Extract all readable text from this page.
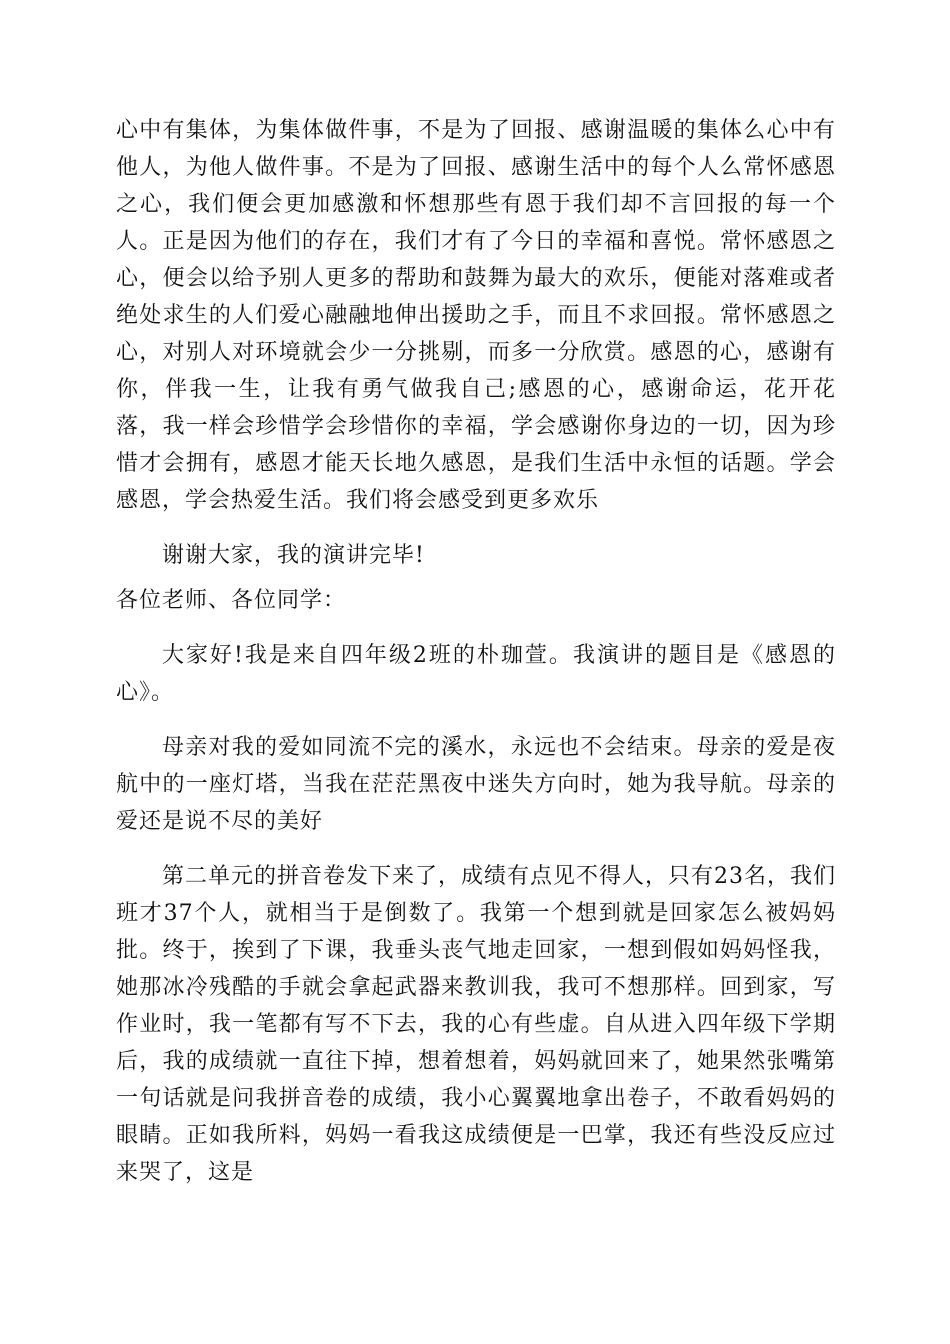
心中有集体，为集体做件事，不是为了回报、感谢温暖的集体么心中有他人，为他人做件事。不是为了回报、感谢生活中的每个人么常怀感恩之心，我们便会更加感激和怀想那些有恩于我们却不言回报的每一个人。正是因为他们的存在，我们才有了今日的幸福和喜悦。常怀感恩之心，便会以给予别人更多的帮助和鼓舞为最大的欢乐，便能对落难或者绝处求生的人们爱心融融地伸出援助之手，而且不求回报。常怀感恩之心，对别人对环境就会少一分挑剔，而多一分欣赏。感恩的心，感谢有你，伴我一生，让我有勇气做我自己;感恩的心，感谢命运，花开花落，我一样会珍惜学会珍惜你的幸福，学会感谢你身边的一切，因为珍惜才会拥有，感恩才能天长地久感恩，是我们生活中永恒的话题。学会感恩，学会热爱生活。我们将会感受到更多欢乐

谢谢大家，我的演讲完毕!

各位老师、各位同学：

大家好!我是来自四年级2班的朴珈萱。我演讲的题目是《感恩的心》。

母亲对我的爱如同流不完的溪水，永远也不会结束。母亲的爱是夜航中的一座灯塔，当我在茫茫黑夜中迷失方向时，她为我导航。母亲的爱还是说不尽的美好

第二单元的拼音卷发下来了，成绩有点见不得人，只有23名，我们班才37个人，就相当于是倒数了。我第一个想到就是回家怎么被妈妈批。终于，挨到了下课，我垂头丧气地走回家，一想到假如妈妈怪我，她那冰冷残酷的手就会拿起武器来教训我，我可不想那样。回到家，写作业时，我一笔都有写不下去，我的心有些虚。自从进入四年级下学期后，我的成绩就一直往下掉，想着想着，妈妈就回来了，她果然张嘴第一句话就是问我拼音卷的成绩，我小心翼翼地拿出卷子，不敢看妈妈的眼睛。正如我所料，妈妈一看我这成绩便是一巴掌，我还有些没反应过来哭了，这是
